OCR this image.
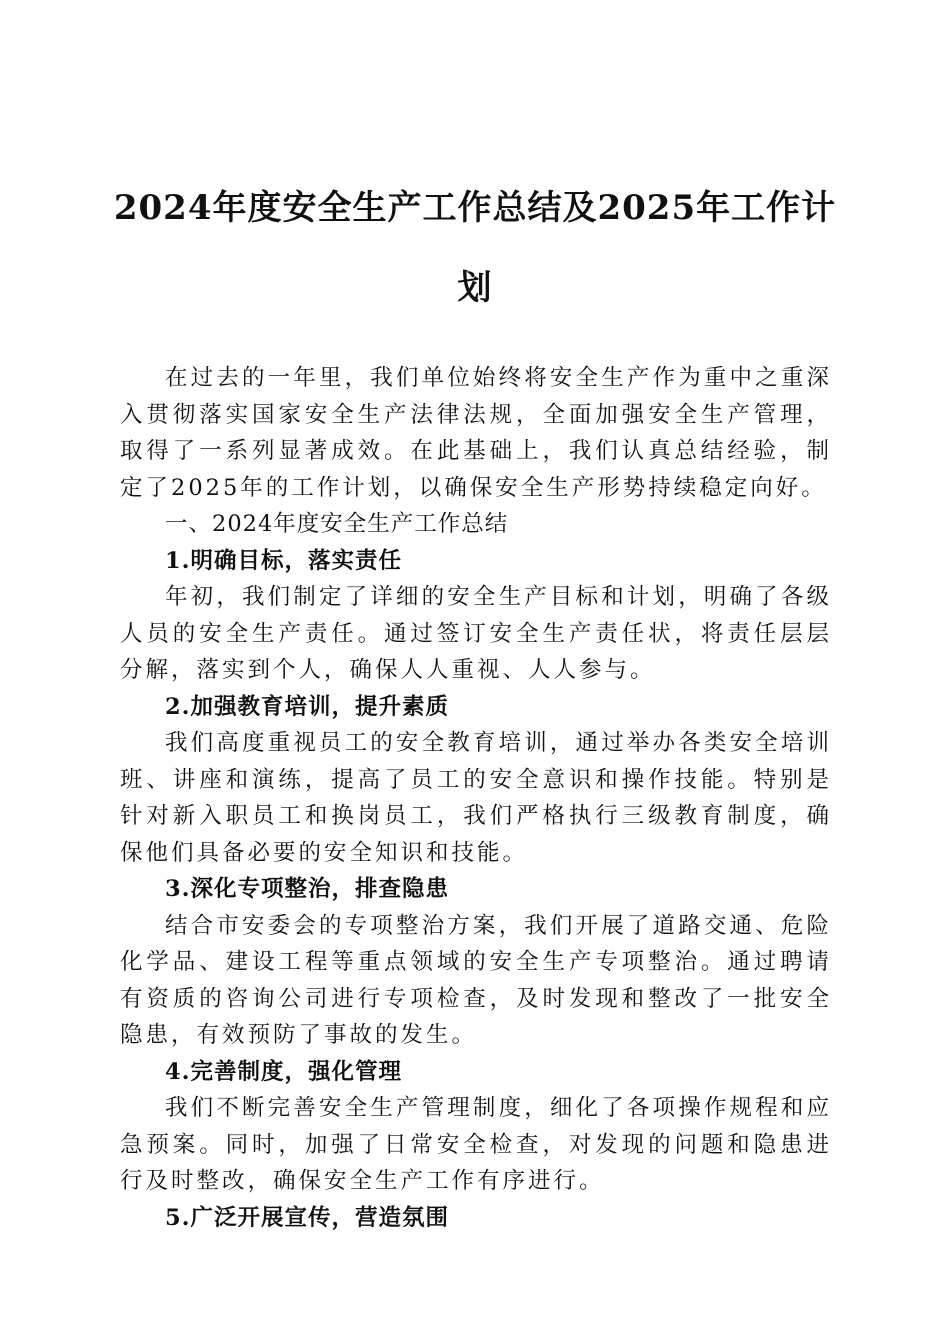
2024年度安全生产工作总结及2025年工作计划

在过去的一年里，我们单位始终将安全生产作为重中之重深入贯彻落实国家安全生产法律法规，全面加强安全生产管理，取得了一系列显著成效。在此基础上，我们认真总结经验，制定了2025年的工作计划，以确保安全生产形势持续稳定向好。

一、2024年度安全生产工作总结

1.明确目标，落实责任

年初，我们制定了详细的安全生产目标和计划，明确了各级人员的安全生产责任。通过签订安全生产责任状，将责任层层分解，落实到个人，确保人人重视、人人参与。

2.加强教育培训，提升素质

我们高度重视员工的安全教育培训，通过举办各类安全培训班、讲座和演练，提高了员工的安全意识和操作技能。特别是针对新入职员工和换岗员工，我们严格执行三级教育制度，确保他们具备必要的安全知识和技能。

3.深化专项整治，排查隐患

结合市安委会的专项整治方案，我们开展了道路交通、危险化学品、建设工程等重点领域的安全生产专项整治。通过聘请有资质的咨询公司进行专项检查，及时发现和整改了一批安全隐患，有效预防了事故的发生。

4.完善制度，强化管理

我们不断完善安全生产管理制度，细化了各项操作规程和应急预案。同时，加强了日常安全检查，对发现的问题和隐患进行及时整改，确保安全生产工作有序进行。

5.广泛开展宣传，营造氛围
